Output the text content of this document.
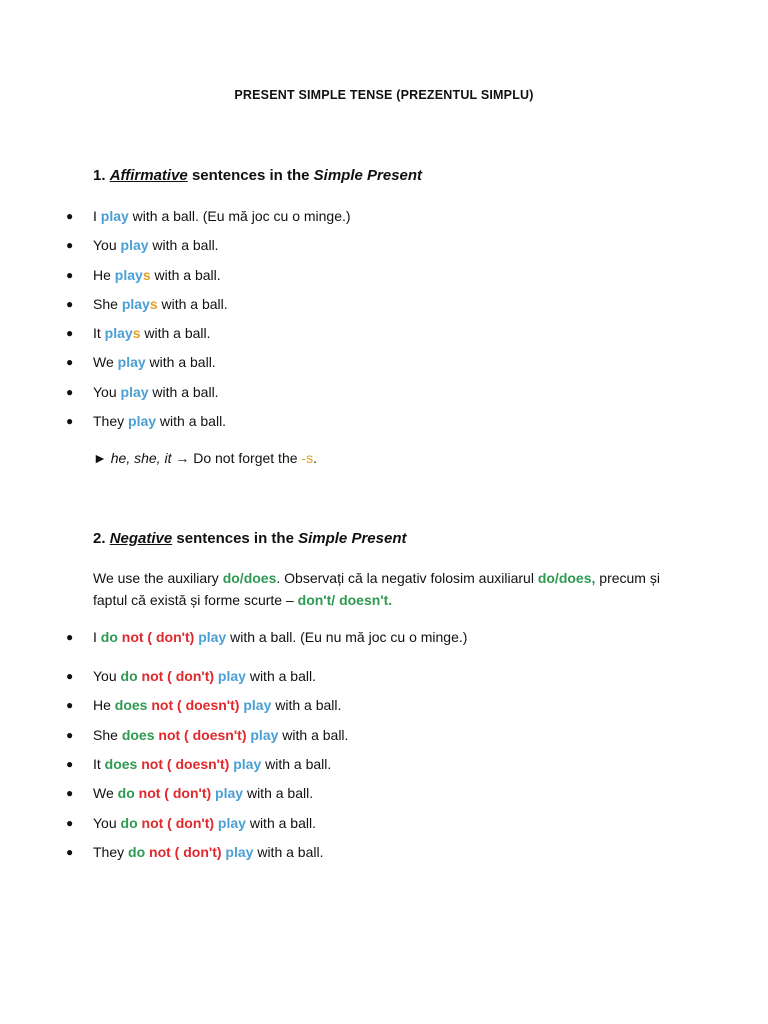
PRESENT SIMPLE TENSE (PREZENTUL SIMPLU)
1. Affirmative sentences in the Simple Present
● I play with a ball. (Eu mă joc cu o minge.)
● You play with a ball.
● He plays with a ball.
● She plays with a ball.
● It plays with a ball.
● We play with a ball.
● You play with a ball.
● They play with a ball.
► he, she, it → Do not forget the -s.
2. Negative sentences in the Simple Present
We use the auxiliary do/does. Observați că la negativ folosim auxiliarul do/does, precum și faptul că există și forme scurte – don't/ doesn't.
● I do not ( don't) play with a ball. (Eu nu mă joc cu o minge.)
● You do not ( don't) play with a ball.
● He does not ( doesn't) play with a ball.
● She does not ( doesn't) play with a ball.
● It does not ( doesn't) play with a ball.
● We do not ( don't) play with a ball.
● You do not ( don't) play with a ball.
● They do not ( don't) play with a ball.
